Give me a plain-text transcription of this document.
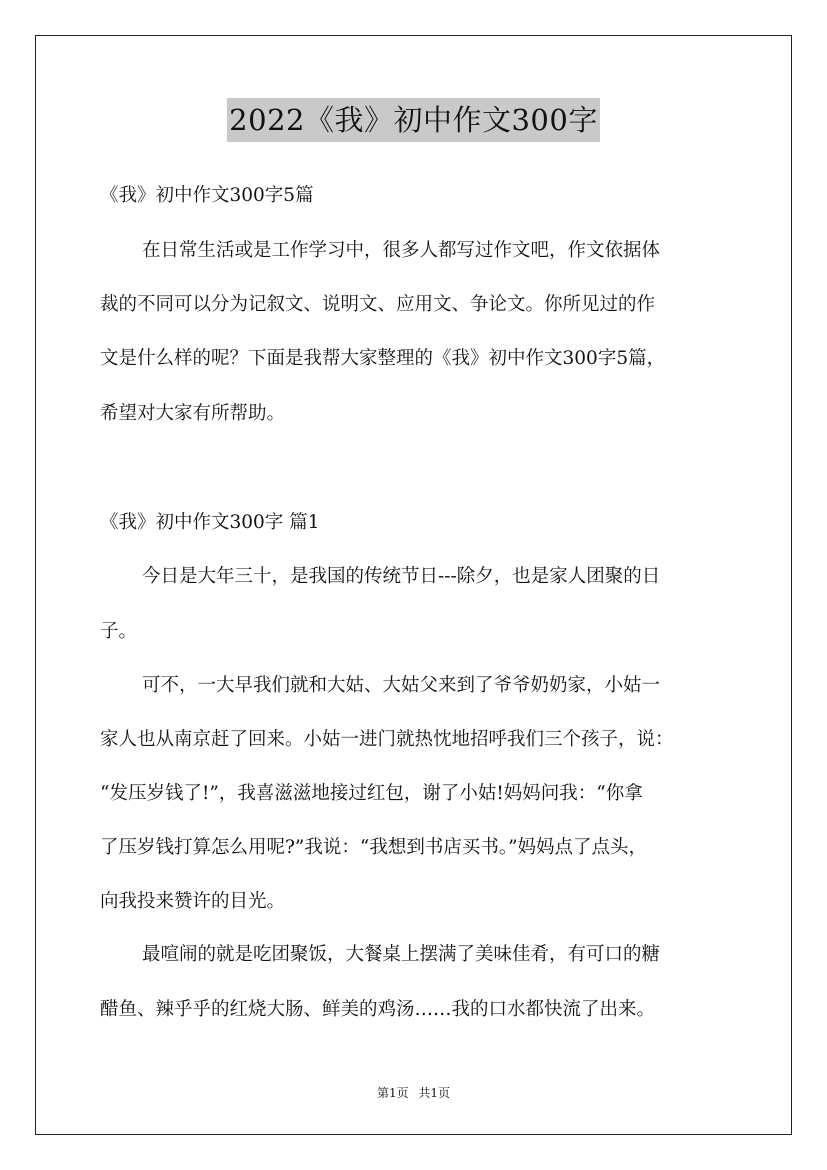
2022《我》初中作文300字
《我》初中作文300字5篇
在日常生活或是工作学习中，很多人都写过作文吧，作文依据体
裁的不同可以分为记叙文、说明文、应用文、争论文。你所见过的作
文是什么样的呢？下面是我帮大家整理的《我》初中作文300字5篇，
希望对大家有所帮助。
《我》初中作文300字 篇1
今日是大年三十，是我国的传统节日---除夕，也是家人团聚的日
子。
可不，一大早我们就和大姑、大姑父来到了爷爷奶奶家，小姑一
家人也从南京赶了回来。小姑一进门就热忱地招呼我们三个孩子，说：
“发压岁钱了!”，我喜滋滋地接过红包，谢了小姑!妈妈问我：“你拿
了压岁钱打算怎么用呢?”我说：“我想到书店买书。”妈妈点了点头，
向我投来赞许的目光。
最喧闹的就是吃团聚饭，大餐桌上摆满了美味佳肴，有可口的糖
醋鱼、辣乎乎的红烧大肠、鲜美的鸡汤……我的口水都快流了出来。
第1页 共1页
